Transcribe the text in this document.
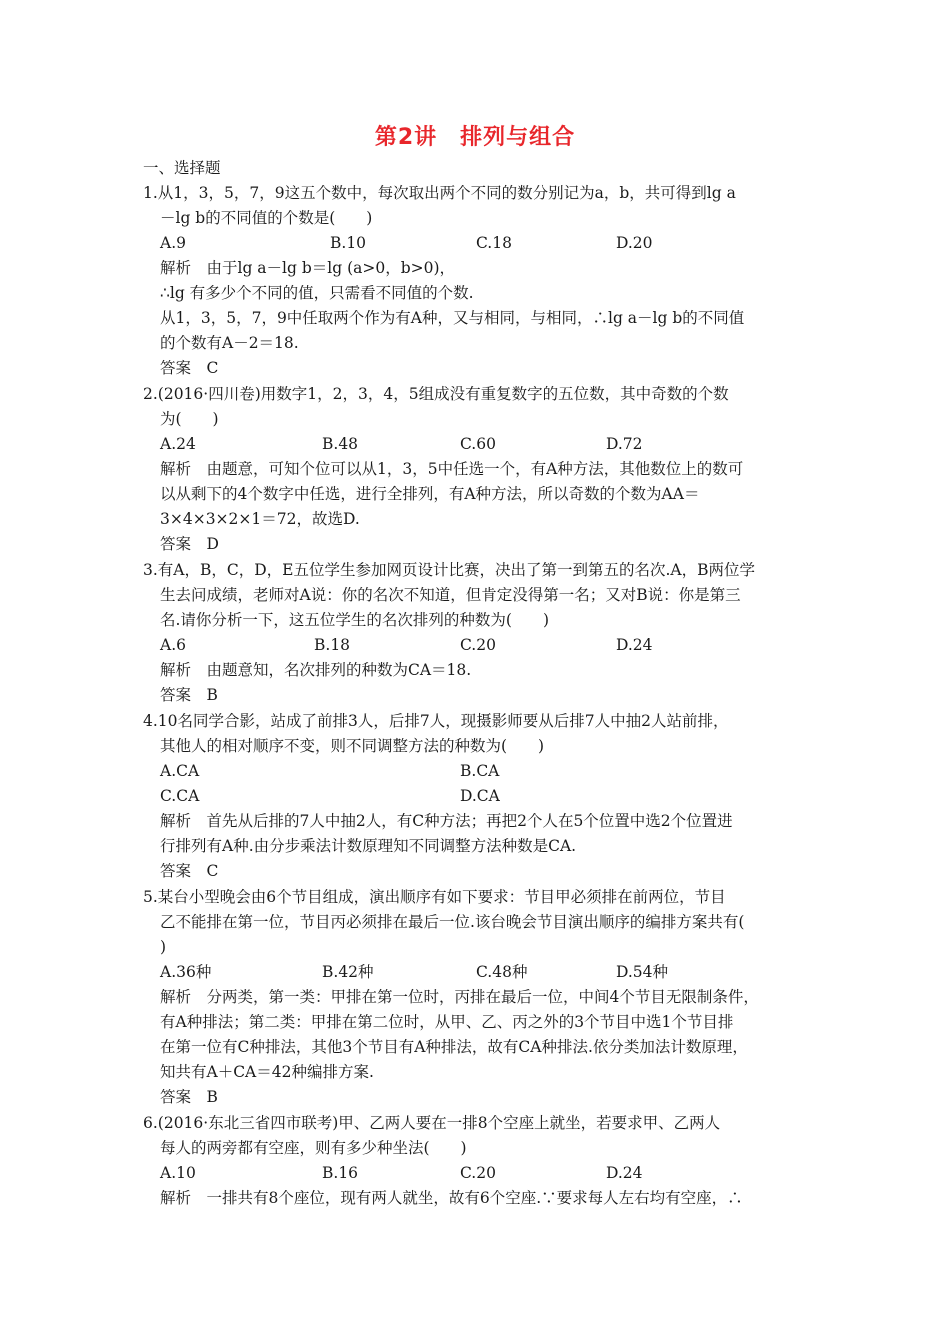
第2讲　排列与组合
一、选择题
1.从1，3，5，7，9这五个数中，每次取出两个不同的数分别记为a，b，共可得到lg a
－lg b的不同值的个数是(　　)
A.9	B.10	C.18	D.20
解析　由于lg a－lg b＝lg (a>0，b>0)，
∴lg 有多少个不同的值，只需看不同值的个数.
从1，3，5，7，9中任取两个作为有A种，又与相同，与相同，∴lg a－lg b的不同值
的个数有A－2＝18.
答案　C
2.(2016·四川卷)用数字1，2，3，4，5组成没有重复数字的五位数，其中奇数的个数
为(　　)
A.24	B.48	C.60	D.72
解析　由题意，可知个位可以从1，3，5中任选一个，有A种方法，其他数位上的数可
以从剩下的4个数字中任选，进行全排列，有A种方法，所以奇数的个数为AA＝
3×4×3×2×1＝72，故选D.
答案　D
3.有A，B，C，D，E五位学生参加网页设计比赛，决出了第一到第五的名次.A，B两位学
生去问成绩，老师对A说：你的名次不知道，但肯定没得第一名；又对B说：你是第三
名.请你分析一下，这五位学生的名次排列的种数为(　　)
A.6	B.18	C.20	D.24
解析　由题意知，名次排列的种数为CA＝18.
答案　B
4.10名同学合影，站成了前排3人，后排7人，现摄影师要从后排7人中抽2人站前排，
其他人的相对顺序不变，则不同调整方法的种数为(　　)
A.CA	B.CA
C.CA	D.CA
解析　首先从后排的7人中抽2人，有C种方法；再把2个人在5个位置中选2个位置进
行排列有A种.由分步乘法计数原理知不同调整方法种数是CA.
答案　C
5.某台小型晚会由6个节目组成，演出顺序有如下要求：节目甲必须排在前两位，节目
乙不能排在第一位，节目丙必须排在最后一位.该台晚会节目演出顺序的编排方案共有(
)
A.36种	B.42种	C.48种	D.54种
解析　分两类，第一类：甲排在第一位时，丙排在最后一位，中间4个节目无限制条件，
有A种排法；第二类：甲排在第二位时，从甲、乙、丙之外的3个节目中选1个节目排
在第一位有C种排法，其他3个节目有A种排法，故有CA种排法.依分类加法计数原理，
知共有A＋CA＝42种编排方案.
答案　B
6.(2016·东北三省四市联考)甲、乙两人要在一排8个空座上就坐，若要求甲、乙两人
每人的两旁都有空座，则有多少种坐法(　　)
A.10	B.16	C.20	D.24
解析　一排共有8个座位，现有两人就坐，故有6个空座.∵要求每人左右均有空座，∴
